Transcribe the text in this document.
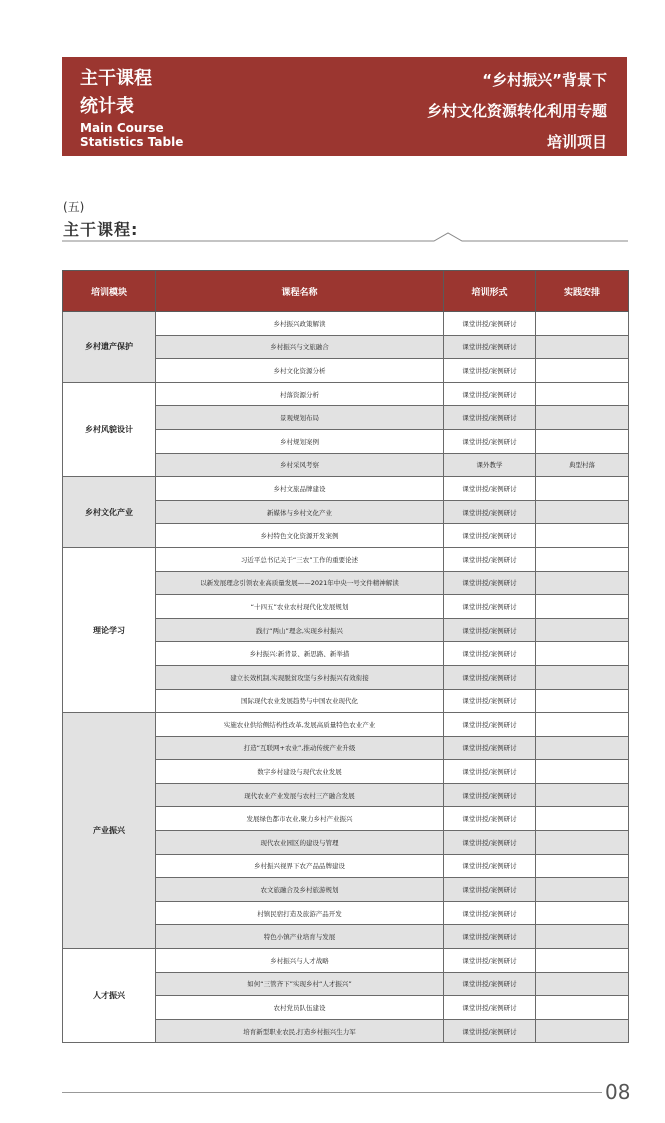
主干课程
统计表
Main Course
Statistics Table
“乡村振兴”背景下
乡村文化资源转化利用专题
培训项目
(五)
主干课程:
培训模块	课程名称	培训形式	实践安排
乡村遗产保护	乡村振兴政策解读	课堂讲授/案例研讨	
	乡村振兴与文旅融合	课堂讲授/案例研讨	
	乡村文化资源分析	课堂讲授/案例研讨	
乡村风貌设计	村落资源分析	课堂讲授/案例研讨	
	景观规划布局	课堂讲授/案例研讨	
	乡村规划案例	课堂讲授/案例研讨	
	乡村采风考察	课外教学	典型村落
乡村文化产业	乡村文旅品牌建设	课堂讲授/案例研讨	
	新媒体与乡村文化产业	课堂讲授/案例研讨	
	乡村特色文化资源开发案例	课堂讲授/案例研讨	
理论学习	习近平总书记关于“三农”工作的重要论述	课堂讲授/案例研讨	
	以新发展理念引领农业高质量发展——2021年中央一号文件精神解读	课堂讲授/案例研讨	
	“十四五”农业农村现代化发展规划	课堂讲授/案例研讨	
	践行“两山”理念,实现乡村振兴	课堂讲授/案例研讨	
	乡村振兴:新背景、新思路、新举措	课堂讲授/案例研讨	
	建立长效机制,实现脱贫攻坚与乡村振兴有效衔接	课堂讲授/案例研讨	
	国际现代农业发展趋势与中国农业现代化	课堂讲授/案例研讨	
产业振兴	实施农业供给侧结构性改革,发展高质量特色农业产业	课堂讲授/案例研讨	
	打造“互联网+农业”,推动传统产业升级	课堂讲授/案例研讨	
	数字乡村建设与现代农业发展	课堂讲授/案例研讨	
	现代农业产业发展与农村三产融合发展	课堂讲授/案例研讨	
	发展绿色都市农业,聚力乡村产业振兴	课堂讲授/案例研讨	
	现代农业园区的建设与管理	课堂讲授/案例研讨	
	乡村振兴视界下农产品品牌建设	课堂讲授/案例研讨	
	农文旅融合及乡村旅游规划	课堂讲授/案例研讨	
	村镇民宿打造及旅游产品开发	课堂讲授/案例研讨	
	特色小镇产业培育与发展	课堂讲授/案例研讨	
人才振兴	乡村振兴与人才战略	课堂讲授/案例研讨	
	如何“三管齐下”实现乡村“人才振兴”	课堂讲授/案例研讨	
	农村党员队伍建设	课堂讲授/案例研讨	
	培育新型职业农民,打造乡村振兴生力军	课堂讲授/案例研讨	
08
